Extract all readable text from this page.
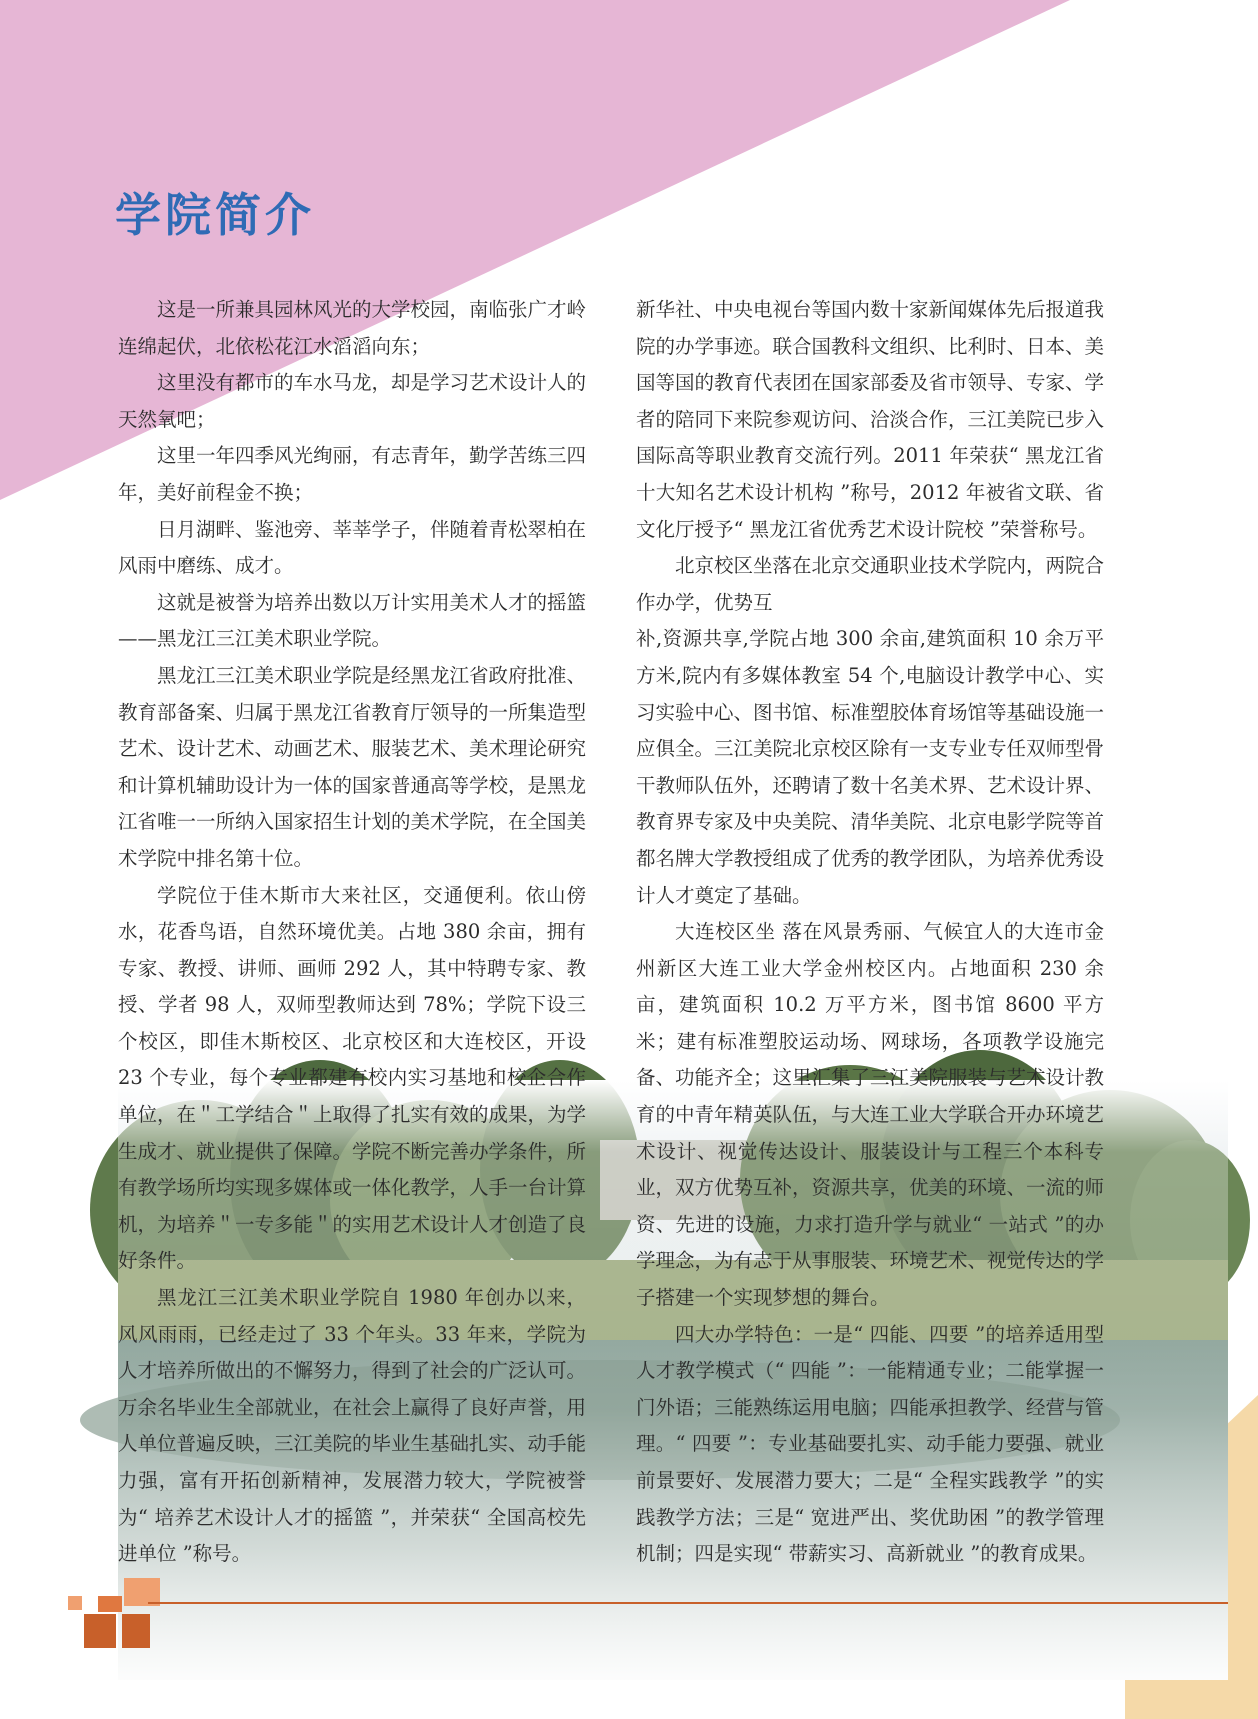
学院简介

这是一所兼具园林风光的大学校园，南临张广才岭连绵起伏，北依松花江水滔滔向东；

这里没有都市的车水马龙，却是学习艺术设计人的天然氧吧；

这里一年四季风光绚丽，有志青年，勤学苦练三四年，美好前程金不换；

日月湖畔、鉴池旁、莘莘学子，伴随着青松翠柏在风雨中磨练、成才。

这就是被誉为培养出数以万计实用美术人才的摇篮——黑龙江三江美术职业学院。

黑龙江三江美术职业学院是经黑龙江省政府批准、教育部备案、归属于黑龙江省教育厅领导的一所集造型艺术、设计艺术、动画艺术、服装艺术、美术理论研究和计算机辅助设计为一体的国家普通高等学校，是黑龙江省唯一一所纳入国家招生计划的美术学院，在全国美术学院中排名第十位。

学院位于佳木斯市大来社区，交通便利。依山傍水，花香鸟语，自然环境优美。占地 380 余亩，拥有专家、教授、讲师、画师 292 人，其中特聘专家、教授、学者 98 人，双师型教师达到 78%；学院下设三个校区，即佳木斯校区、北京校区和大连校区，开设 23 个专业，每个专业都建有校内实习基地和校企合作单位，在＂工学结合＂上取得了扎实有效的成果，为学生成才、就业提供了保障。学院不断完善办学条件，所有教学场所均实现多媒体或一体化教学，人手一台计算机，为培养＂一专多能＂的实用艺术设计人才创造了良好条件。

黑龙江三江美术职业学院自 1980 年创办以来，风风雨雨，已经走过了 33 个年头。33 年来，学院为人才培养所做出的不懈努力，得到了社会的广泛认可。万余名毕业生全部就业，在社会上赢得了良好声誉，用人单位普遍反映，三江美院的毕业生基础扎实、动手能力强，富有开拓创新精神，发展潜力较大，学院被誉为“ 培养艺术设计人才的摇篮 ”，并荣获“ 全国高校先进单位 ”称号。

新华社、中央电视台等国内数十家新闻媒体先后报道我院的办学事迹。联合国教科文组织、比利时、日本、美国等国的教育代表团在国家部委及省市领导、专家、学者的陪同下来院参观访问、洽淡合作，三江美院已步入国际高等职业教育交流行列。2011 年荣获“ 黑龙江省十大知名艺术设计机构 ”称号，2012 年被省文联、省文化厅授予“ 黑龙江省优秀艺术设计院校 ”荣誉称号。

北京校区坐落在北京交通职业技术学院内，两院合作办学，优势互

补,资源共享,学院占地 300 余亩,建筑面积 10 余万平方米,院内有多媒体教室 54 个,电脑设计教学中心、实习实验中心、图书馆、标准塑胶体育场馆等基础设施一应俱全。三江美院北京校区除有一支专业专任双师型骨干教师队伍外，还聘请了数十名美术界、艺术设计界、教育界专家及中央美院、清华美院、北京电影学院等首都名牌大学教授组成了优秀的教学团队，为培养优秀设计人才奠定了基础。

大连校区坐 落在风景秀丽、气候宜人的大连市金州新区大连工业大学金州校区内。占地面积 230 余亩，建筑面积 10.2 万平方米，图书馆 8600 平方米；建有标准塑胶运动场、网球场，各项教学设施完备、功能齐全；这里汇集了三江美院服装与艺术设计教育的中青年精英队伍，与大连工业大学联合开办环境艺术设计、视觉传达设计、服装设计与工程三个本科专业，双方优势互补，资源共享，优美的环境、一流的师资、先进的设施，力求打造升学与就业“ 一站式 ”的办学理念，为有志于从事服装、环境艺术、视觉传达的学子搭建一个实现梦想的舞台。

四大办学特色：一是“ 四能、四要 ”的培养适用型人才教学模式（“ 四能 ”：一能精通专业；二能掌握一门外语；三能熟练运用电脑；四能承担教学、经营与管理。“ 四要 ”：专业基础要扎实、动手能力要强、就业前景要好、发展潜力要大；二是“ 全程实践教学 ”的实践教学方法；三是“ 宽进严出、奖优助困 ”的教学管理机制；四是实现“ 带薪实习、高新就业 ”的教育成果。
